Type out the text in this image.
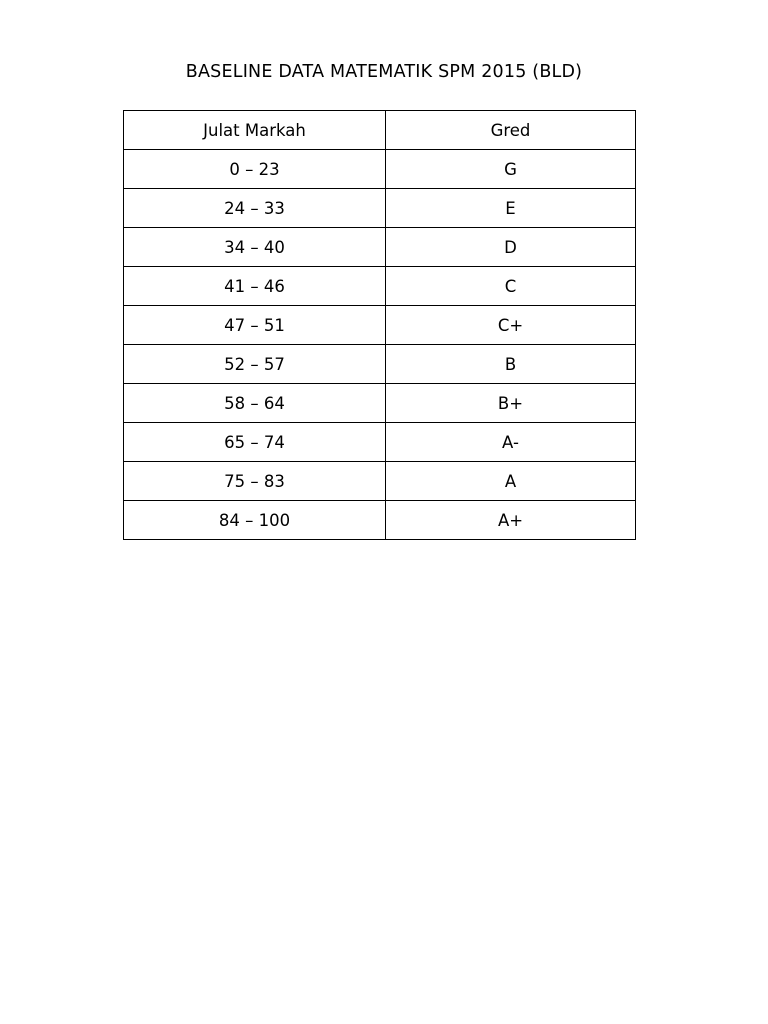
BASELINE DATA MATEMATIK SPM 2015 (BLD)
Julat Markah	Gred
0 – 23	G
24 – 33	E
34 – 40	D
41 – 46	C
47 – 51	C+
52 – 57	B
58 – 64	B+
65 – 74	A-
75 – 83	A
84 – 100	A+
